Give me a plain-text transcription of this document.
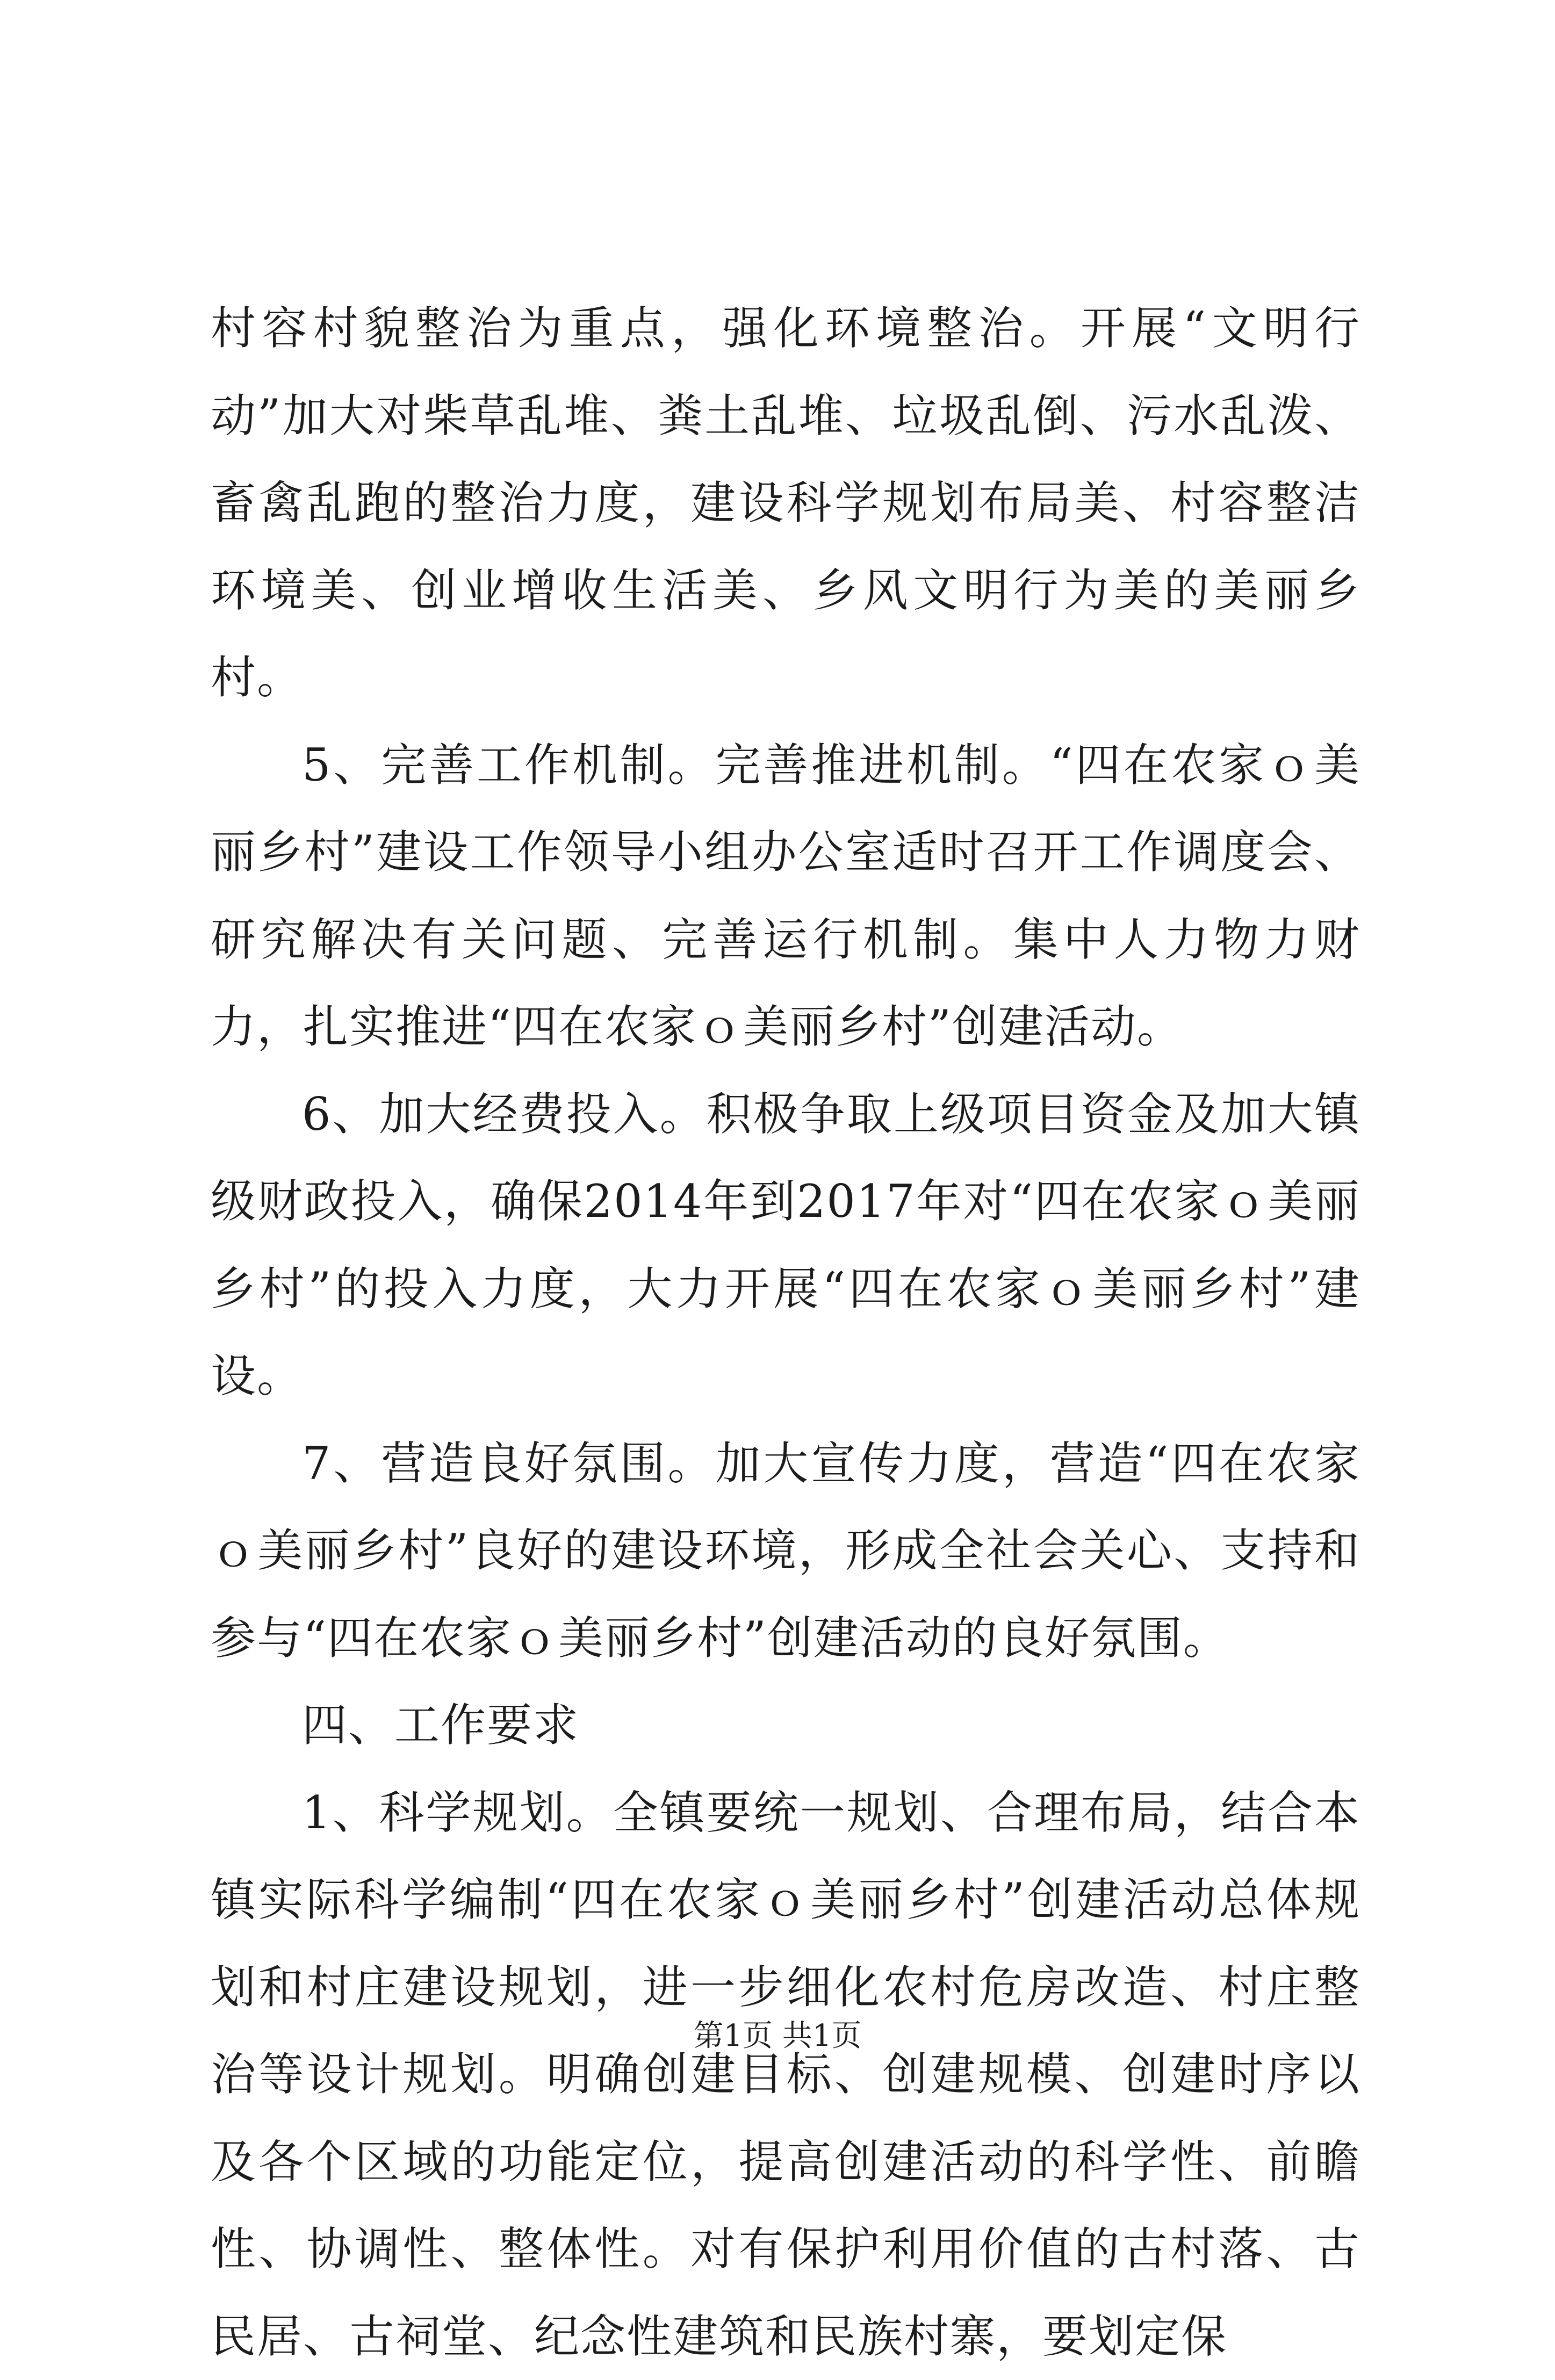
村容村貌整治为重点，强化环境整治。开展“文明行动”加大对柴草乱堆、粪土乱堆、垃圾乱倒、污水乱泼、畜禽乱跑的整治力度，建设科学规划布局美、村容整洁环境美、创业增收生活美、乡风文明行为美的美丽乡村。

5、完善工作机制。完善推进机制。“四在农家ｏ美丽乡村”建设工作领导小组办公室适时召开工作调度会、研究解决有关问题、完善运行机制。集中人力物力财力，扎实推进“四在农家ｏ美丽乡村”创建活动。

6、加大经费投入。积极争取上级项目资金及加大镇级财政投入，确保2014年到2017年对“四在农家ｏ美丽乡村”的投入力度，大力开展“四在农家ｏ美丽乡村”建设。

7、营造良好氛围。加大宣传力度，营造“四在农家ｏ美丽乡村”良好的建设环境，形成全社会关心、支持和参与“四在农家ｏ美丽乡村”创建活动的良好氛围。

四、工作要求

1、科学规划。全镇要统一规划、合理布局，结合本镇实际科学编制“四在农家ｏ美丽乡村”创建活动总体规划和村庄建设规划，进一步细化农村危房改造、村庄整治等设计规划。明确创建目标、创建规模、创建时序以及各个区域的功能定位，提高创建活动的科学性、前瞻性、协调性、整体性。对有保护利用价值的古村落、古民居、古祠堂、纪念性建筑和民族村寨，要划定保

第1页 共1页
